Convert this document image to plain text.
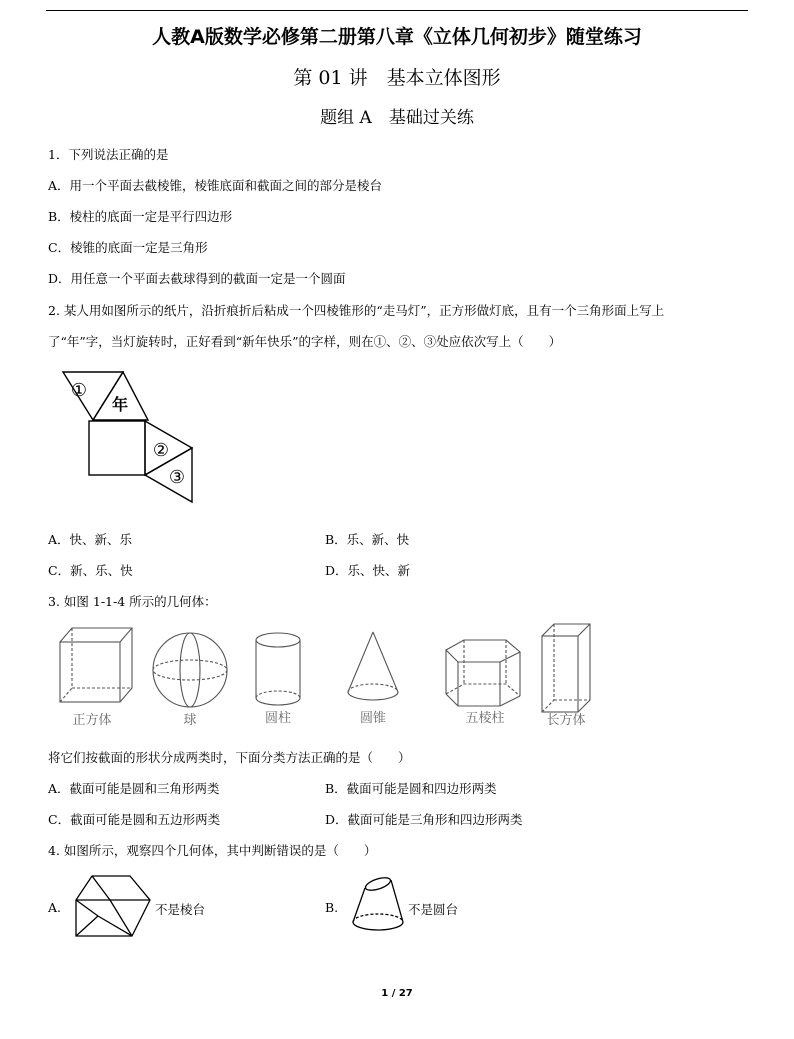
人教A版数学必修第二册第八章《立体几何初步》随堂练习
第 01 讲　基本立体图形
题组 A　基础过关练
1．下列说法正确的是
A．用一个平面去截棱锥，棱锥底面和截面之间的部分是棱台
B．棱柱的底面一定是平行四边形
C．棱锥的底面一定是三角形
D．用任意一个平面去截球得到的截面一定是一个圆面
2. 某人用如图所示的纸片，沿折痕折后粘成一个四棱锥形的“走马灯”，正方形做灯底，且有一个三角形面上写上
了“年”字，当灯旋转时，正好看到“新年快乐”的字样，则在①、②、③处应依次写上（　　）
①
年
②
③
A．快、新、乐	B．乐、新、快
C．新、乐、快	D．乐、快、新
3. 如图 1-1-4 所示的几何体：
正方体	球	圆柱	圆锥	五棱柱	长方体
将它们按截面的形状分成两类时，下面分类方法正确的是（　　）
A．截面可能是圆和三角形两类	B．截面可能是圆和四边形两类
C．截面可能是圆和五边形两类	D．截面可能是三角形和四边形两类
4. 如图所示，观察四个几何体，其中判断错误的是（　　）
A.	不是棱台	B.	不是圆台
1 / 27
